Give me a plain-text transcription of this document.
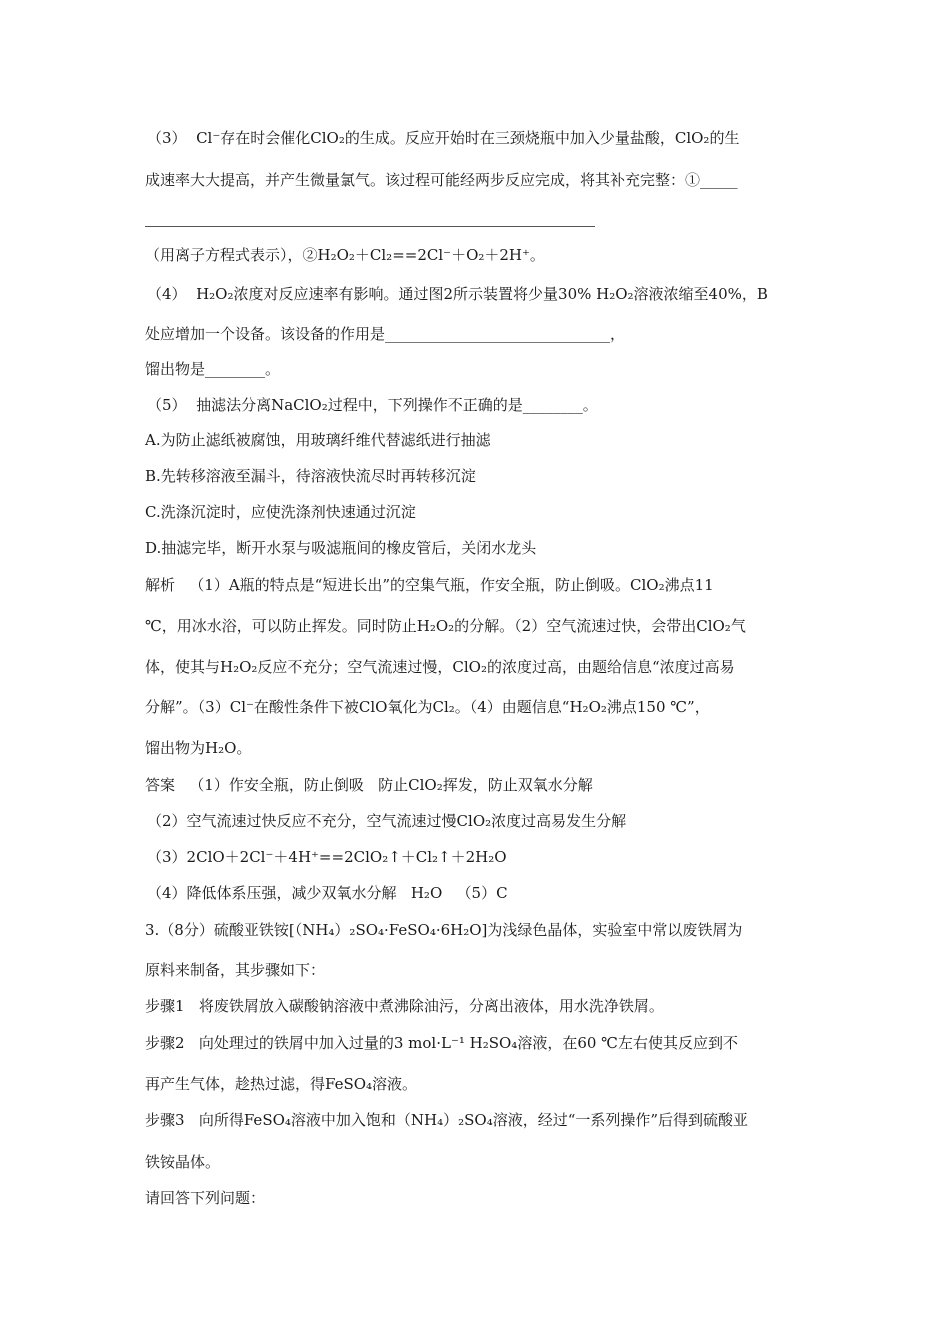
（3）  Cl⁻存在时会催化ClO₂的生成。反应开始时在三颈烧瓶中加入少量盐酸，ClO₂的生
成速率大大提高，并产生微量氯气。该过程可能经两步反应完成，将其补充完整：①_____
（用离子方程式表示），②H₂O₂＋Cl₂==2Cl⁻＋O₂＋2H⁺。
（4）  H₂O₂浓度对反应速率有影响。通过图2所示装置将少量30% H₂O₂溶液浓缩至40%，B
处应增加一个设备。该设备的作用是______________________________，
馏出物是________。
（5）  抽滤法分离NaClO₂过程中，下列操作不正确的是________。
A.为防止滤纸被腐蚀，用玻璃纤维代替滤纸进行抽滤
B.先转移溶液至漏斗，待溶液快流尽时再转移沉淀
C.洗涤沉淀时，应使洗涤剂快速通过沉淀
D.抽滤完毕，断开水泵与吸滤瓶间的橡皮管后，关闭水龙头
解析   （1）A瓶的特点是“短进长出”的空集气瓶，作安全瓶，防止倒吸。ClO₂沸点11
℃，用冰水浴，可以防止挥发。同时防止H₂O₂的分解。（2）空气流速过快，会带出ClO₂气
体，使其与H₂O₂反应不充分；空气流速过慢，ClO₂的浓度过高，由题给信息“浓度过高易
分解”。（3）Cl⁻在酸性条件下被ClO氧化为Cl₂。（4）由题信息“H₂O₂沸点150 ℃”，
馏出物为H₂O。
答案   （1）作安全瓶，防止倒吸   防止ClO₂挥发，防止双氧水分解
（2）空气流速过快反应不充分，空气流速过慢ClO₂浓度过高易发生分解
（3）2ClO＋2Cl⁻＋4H⁺==2ClO₂↑＋Cl₂↑＋2H₂O
（4）降低体系压强，减少双氧水分解   H₂O   （5）C
3.（8分）硫酸亚铁铵[（NH₄）₂SO₄·FeSO₄·6H₂O]为浅绿色晶体，实验室中常以废铁屑为
原料来制备，其步骤如下：
步骤1   将废铁屑放入碳酸钠溶液中煮沸除油污，分离出液体，用水洗净铁屑。
步骤2   向处理过的铁屑中加入过量的3 mol·L⁻¹ H₂SO₄溶液，在60 ℃左右使其反应到不
再产生气体，趁热过滤，得FeSO₄溶液。
步骤3   向所得FeSO₄溶液中加入饱和（NH₄）₂SO₄溶液，经过“一系列操作”后得到硫酸亚
铁铵晶体。
请回答下列问题：
